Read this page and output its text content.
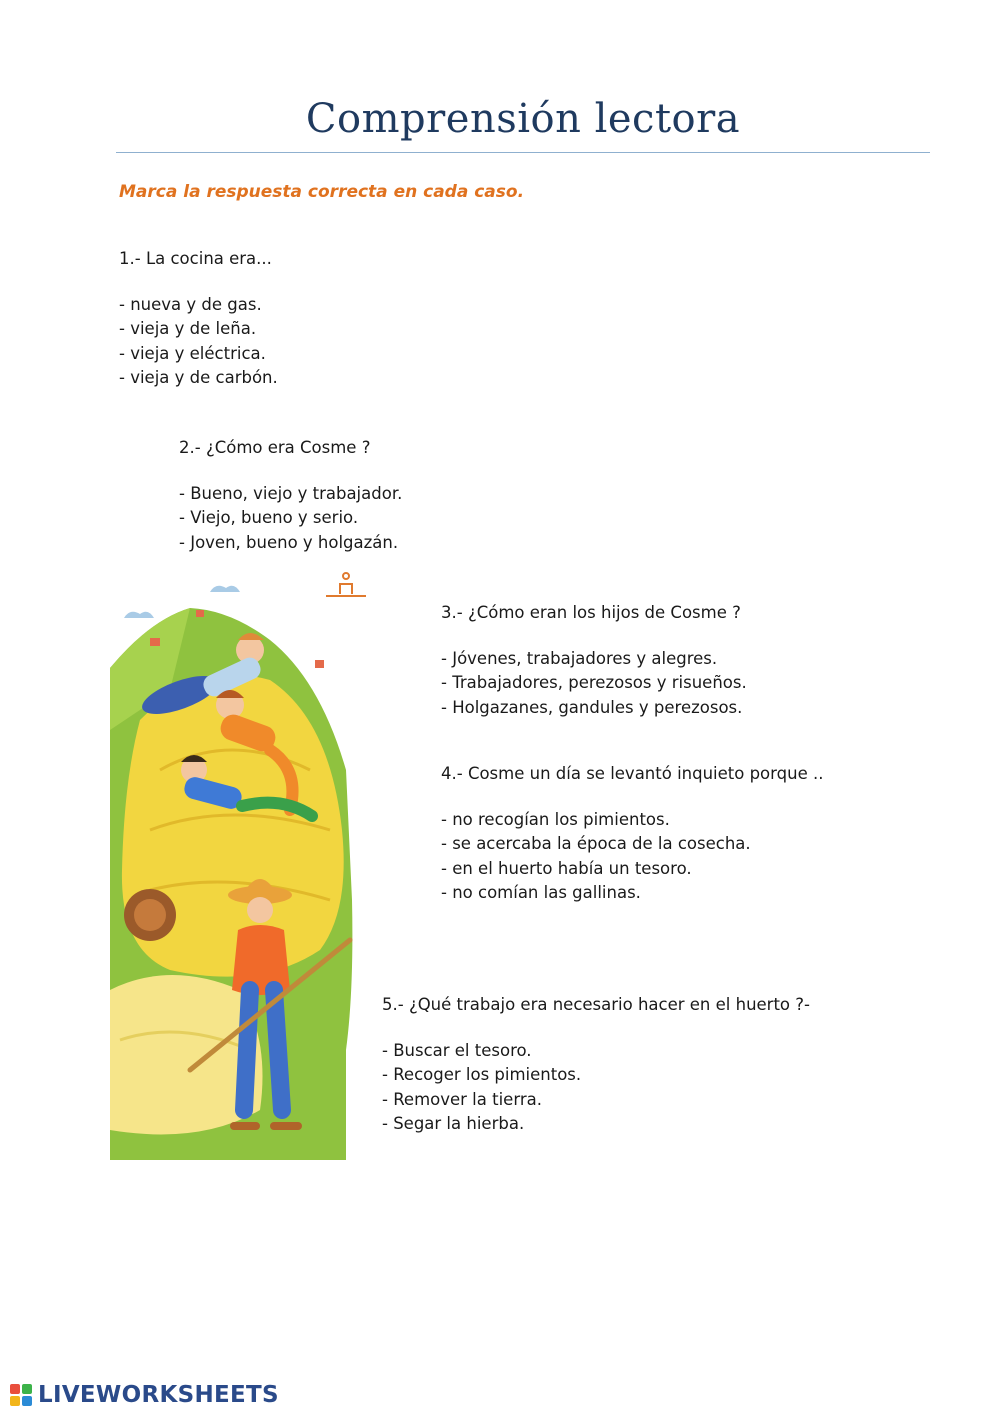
Comprensión lectora
Marca la respuesta correcta en cada caso.
1.- La cocina era...
- nueva y de gas.
- vieja y de leña.
- vieja y eléctrica.
- vieja y de carbón.
2.- ¿Cómo era Cosme ?
- Bueno, viejo y trabajador.
- Viejo, bueno y serio.
- Joven, bueno y holgazán.
3.- ¿Cómo eran los hijos de Cosme ?
- Jóvenes, trabajadores y alegres.
- Trabajadores, perezosos y risueños.
- Holgazanes, gandules y perezosos.
4.- Cosme un día se levantó inquieto porque ..
- no recogían los pimientos.
- se acercaba la época de la cosecha.
- en el huerto había un tesoro.
- no comían las gallinas.
5.- ¿Qué trabajo era necesario hacer en el huerto ?-
- Buscar el tesoro.
- Recoger los pimientos.
- Remover la tierra.
- Segar la hierba.
LIVEWORKSHEETS
